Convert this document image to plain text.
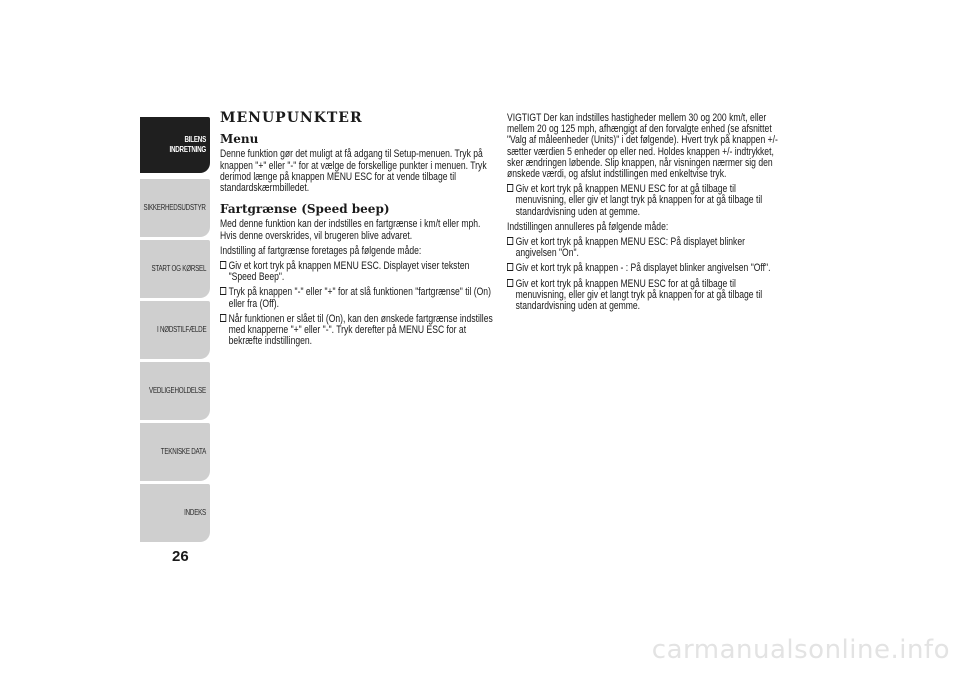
BILENS INDRETNING
SIKKERHEDSUDSTYR
START OG KØRSEL
I NØDSTILFÆLDE
VEDLIGEHOLDELSE
TEKNISKE DATA
INDEKS
26
MENUPUNKTER
Menu

Denne funktion gør det muligt at få adgang til Setup-menuen. Tryk på knappen "+" eller "-" for at vælge de forskellige punkter i menuen. Tryk derimod længe på knappen MENU ESC for at vende tilbage til standardskærmbilledet.

Fartgrænse (Speed beep)

Med denne funktion kan der indstilles en fartgrænse i km/t eller mph. Hvis denne overskrides, vil brugeren blive advaret.

Indstilling af fartgrænse foretages på følgende måde:

Giv et kort tryk på knappen MENU ESC. Displayet viser teksten "Speed Beep".
Tryk på knappen "-" eller "+" for at slå funktionen "fartgrænse" til (On) eller fra (Off).
Når funktionen er slået til (On), kan den ønskede fartgrænse indstilles med knapperne "+" eller "-". Tryk derefter på MENU ESC for at bekræfte indstillingen.

VIGTIGT Der kan indstilles hastigheder mellem 30 og 200 km/t, eller mellem 20 og 125 mph, afhængigt af den forvalgte enhed (se afsnittet "Valg af måleenheder (Units)" i det følgende). Hvert tryk på knappen +/- sætter værdien 5 enheder op eller ned. Holdes knappen +/- indtrykket, sker ændringen løbende. Slip knappen, når visningen nærmer sig den ønskede værdi, og afslut indstillingen med enkeltvise tryk.

Giv et kort tryk på knappen MENU ESC for at gå tilbage til menuvisning, eller giv et langt tryk på knappen for at gå tilbage til standardvisning uden at gemme.

Indstillingen annulleres på følgende måde:

Giv et kort tryk på knappen MENU ESC: På displayet blinker angivelsen "On".
Giv et kort tryk på knappen - : På displayet blinker angivelsen "Off".
Giv et kort tryk på knappen MENU ESC for at gå tilbage til menuvisning, eller giv et langt tryk på knappen for at gå tilbage til standardvisning uden at gemme.
carmanualsonline.info
